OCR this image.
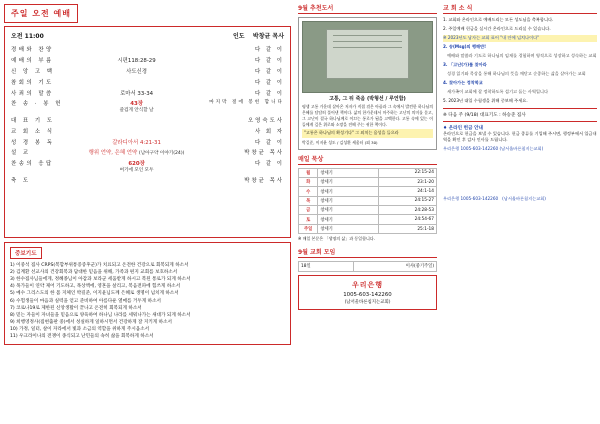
주일 오전 예배
오전 11:00	인도 박창균 목사
경배와 찬양		다 같 이
예배의 부름	시편118:28-29	다 같 이
신 앙 고 백	사도신경	다 같 이
참회의 기도		다 같 이
사죄의 말씀	로마서 33-34	다 같 이
찬 송 · 봉 헌	43장
즐겁게 안식할 날	마지막 절에 봉헌 합니다
대 표 기 도		오영숙도사
교 회 소 식		사 회 자
성 경 봉 독	갈라디아서 4:21-31	다 같 이
설 교	행위 언약, 은혜 언약 (남아구약 이야기(24))	박창균 목사
찬송의 응답	620장
여기에 모인 모두	다 같 이
축 도		박창균 목사
중보기도
1) 이중석 집사 CRPS(복합부위통증증후군)가 치료되고 온전한 건강으로 회복되게 하소서
2) 김계환 선교사의 건강회복과 담대한 믿음을 위해, 가족과 편지 교회를 보호하소서
3) 한수집사님들에게, 정혜종님이 아갑과 보라군 세움받게 하시고 복된 통로가 되게 하소서
4) 목가들이 연약 제어 기도하고, 목상액에, 영혼을 살리고, 복음전파에 힘쓰게 하소서
5) 예수 그리스도의 한 몸 지체인 박길준, 이지윤님도께 은혜로 생명이 넘치게 하소서
6) 수험생들이 마음과 실력을 얻고 준비하여 아름다운 열매를 거두게 하소서
7) 코로나19로 제한된 신앙생활이 끝나고 온전히 회복되게 하소서
8) 믿는 자들이 자녀들을 믿음으로 양육하여 하나님 나라를 세워나가는 새대가 되게 하소서
9) 희행영정사(집현출판 중)에서 성실하게 일하시면서 건강하게 잘 지키게 하소서
10) 가정, 일터, 살이 자라에서 빛과 소금의 역할을 위하게 주시옵소서
11) 우크라이나의 전쟁이 종식되고 난민들의 속히 삶을 회복하게 하소서
9월 추천도서
고통, 그 뒤 죽음 (박형선 / 루언함)
평생 고통 가운데 살아온 저자가 직접 겪은 아픔과 그 속에서 발견한 하나님의 은혜를 담담히 풀어낸 책이다. 삶의 한가운데서 마주하는 고난의 의미를 묻고, 그 고난이 결국 하나님께로 이끄는 통로가 됨을 고백한다. 고통 속에 있는 이들에게 깊은 위로와 소망을 전해 주는 귀한 책이다.
"고통은 하나님의 확성기다" 그 외치는 음성을 들으라
박길준, 이지윤 성도 / 김성환 세움터 (외 30)
매일 묵상
월	창세기	22:15-24
화	창세기	23:1-20
수	창세기	24:1-14
목	창세기	24:15-27
금	창세기	24:28-53
토	창세기	24:54-67
주일	창세기	25:1-18
※ 매일 본문은 「생명의 삶」과 동일합니다.
9월 교회 모임
18일	이사(중기주일)
우리은행
1005-603-142260
(남서울바른침지는교회)
교 회 소 식
1. 교회와 온라인으로 예배드리는 모든 성도님을 축복합니다.
2. 주일예배 헌금을 실시간 온라인으로 드리실 수 있습니다.
※ 2023년도 남자는 교회 표어 "내 안에 넘치나이다"
2. 송(Msg)의 행해반!
예배와 말씀과 기도로 하나님의 임재를 경험하며 영적으로 성장하고 성숙하는 교회
3. 「고난(가)를 찾아라
성경 읽기와 묵상을 통해 하나님의 뜻을 깨닫고 순종하는 삶을 살아가는 교회
4. 찾아가는 정착학교
새가족이 교회에 잘 정착하도록 섬기고 돕는 사역입니다
5. 2023년 대입 수험생을 위해 중보해 주세요.
※ 다음 주 (9/18) 대표기도 : 하승준 집사
♦ 온라인 헌금 안내
온라인으로 헌금을 보낼 수 있습니다. 헌금 종류를 기입해 주시면, 행정부에서 입금내역을 확인 후 감사 인사를 드립니다.
우리은행 1005-603-142260 (남서울바른침지는교회)
우리은행 1005-603-142260 (남서울바른침지는교회)
